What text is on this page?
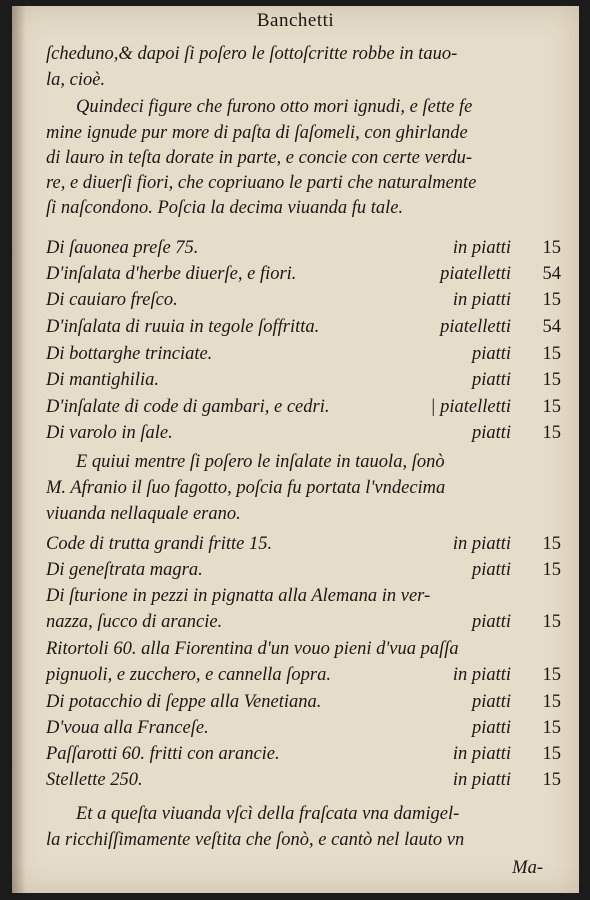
Banchetti
ſcheduno,& dapoi ſi poſero le ſottoſcritte robbe in tauo-
la, cioè.
Quindeci figure che furono otto mori ignudi, e ſette fe
mine ignude pur more di paſta di ſaſomeli, con ghirlande
di lauro in teſta dorate in parte, e concie con certe verdu-
re, e diuerſi fiori, che copriuano le parti che naturalmente
ſi naſcondono. Poſcia la decima viuanda fu tale.
Di ſauonea preſe 75.	in piatti	15
D'inſalata d'herbe diuerſe, e fiori.	piatelletti	54
Di cauiaro freſco.	in piatti	15
D'inſalata di ruuia in tegole ſoffritta.	piatelletti	54
Di bottarghe trinciate.	piatti	15
Di mantighilia.	piatti	15
D'inſalate di code di gambari, e cedri.	| piatelletti	15
Di varolo in ſale.	piatti	15
E quiui mentre ſi poſero le inſalate in tauola, ſonò
M. Afranio il ſuo fagotto, poſcia fu portata l'vndecima
viuanda nellaquale erano.
Code di trutta grandi fritte 15.	in piatti	15
Di geneſtrata magra.	piatti	15
Di ſturione in pezzi in pignatta alla Alemana in ver-
nazza, ſucco di arancie.	piatti	15
Ritortoli 60. alla Fiorentina d'un vouo pieni d'vua paſſa
pignuoli, e zucchero, e cannella ſopra.	in piatti	15
Di potacchio di ſeppe alla Venetiana.	piatti	15
D'voua alla Franceſe.	piatti	15
Paſſarotti 60. fritti con arancie.	in piatti	15
Stellette 250.	in piatti	15
Et a queſta viuanda vſcì della fraſcata vna damigel-
la ricchiſſimamente veſtita che ſonò, e cantò nel lauto vn
Ma-
